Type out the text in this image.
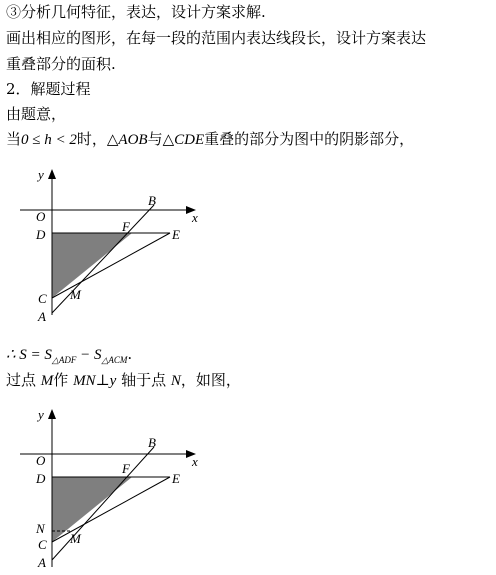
③分析几何特征，表达，设计方案求解.
画出相应的图形，在每一段的范围内表达线段长，设计方案表达
重叠部分的面积.
2．解题过程
由题意，
当0 ≤ h < 2时，△AOB与△CDE重叠的部分为图中的阴影部分，
y
x
O
B
D
F
E
C M
A
∴ $S = S_{\triangle ADF} - S_{\triangle ACM}$.
过点 M作 MN⊥y 轴于点 N，如图，
y
x
O
B
D
F
E
N
C M
A
